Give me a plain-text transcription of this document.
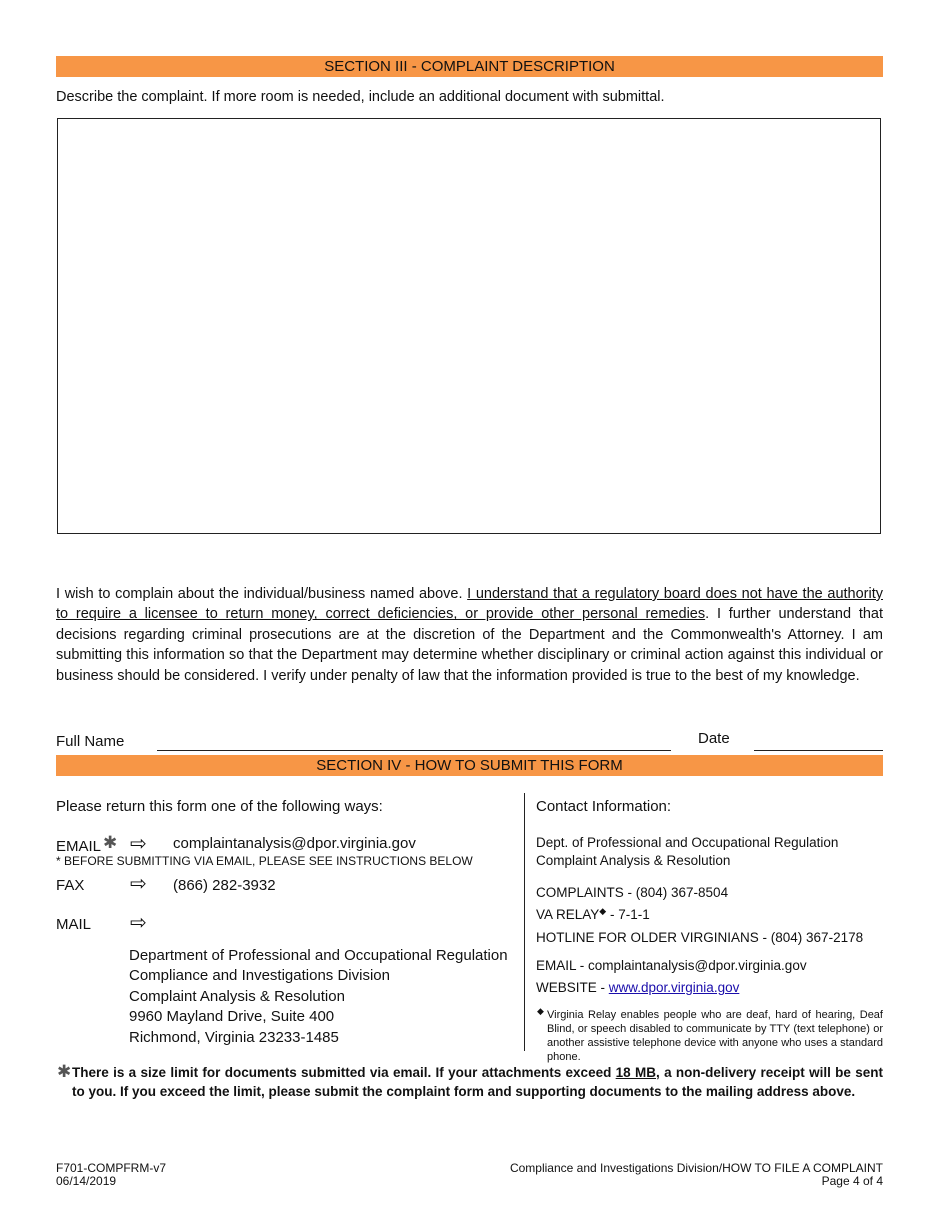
SECTION III - COMPLAINT DESCRIPTION
Describe the complaint. If more room is needed, include an additional document with submittal.
I wish to complain about the individual/business named above. I understand that a regulatory board does not have the authority to require a licensee to return money, correct deficiencies, or provide other personal remedies. I further understand that decisions regarding criminal prosecutions are at the discretion of the Department and the Commonwealth's Attorney. I am submitting this information so that the Department may determine whether disciplinary or criminal action against this individual or business should be considered. I verify under penalty of law that the information provided is true to the best of my knowledge.
Full Name	Date
SECTION IV - HOW TO SUBMIT THIS FORM
Please return this form one of the following ways:
EMAIL ✱ ⇨ complaintanalysis@dpor.virginia.gov
* BEFORE SUBMITTING VIA EMAIL, PLEASE SEE INSTRUCTIONS BELOW
FAX ⇨ (866) 282-3932
MAIL ⇨
Department of Professional and Occupational Regulation
Compliance and Investigations Division
Complaint Analysis & Resolution
9960 Mayland Drive, Suite 400
Richmond, Virginia 23233-1485
Contact Information:
Dept. of Professional and Occupational Regulation
Complaint Analysis & Resolution
COMPLAINTS - (804) 367-8504
VA RELAY◆ - 7-1-1
HOTLINE FOR OLDER VIRGINIANS - (804) 367-2178
EMAIL - complaintanalysis@dpor.virginia.gov
WEBSITE - www.dpor.virginia.gov
◆ Virginia Relay enables people who are deaf, hard of hearing, Deaf Blind, or speech disabled to communicate by TTY (text telephone) or another assistive telephone device with anyone who uses a standard phone.
✱ There is a size limit for documents submitted via email. If your attachments exceed 18 MB, a non-delivery receipt will be sent to you. If you exceed the limit, please submit the complaint form and supporting documents to the mailing address above.
F701-COMPFRM-v7
06/14/2019
Compliance and Investigations Division/HOW TO FILE A COMPLAINT
Page 4 of 4
